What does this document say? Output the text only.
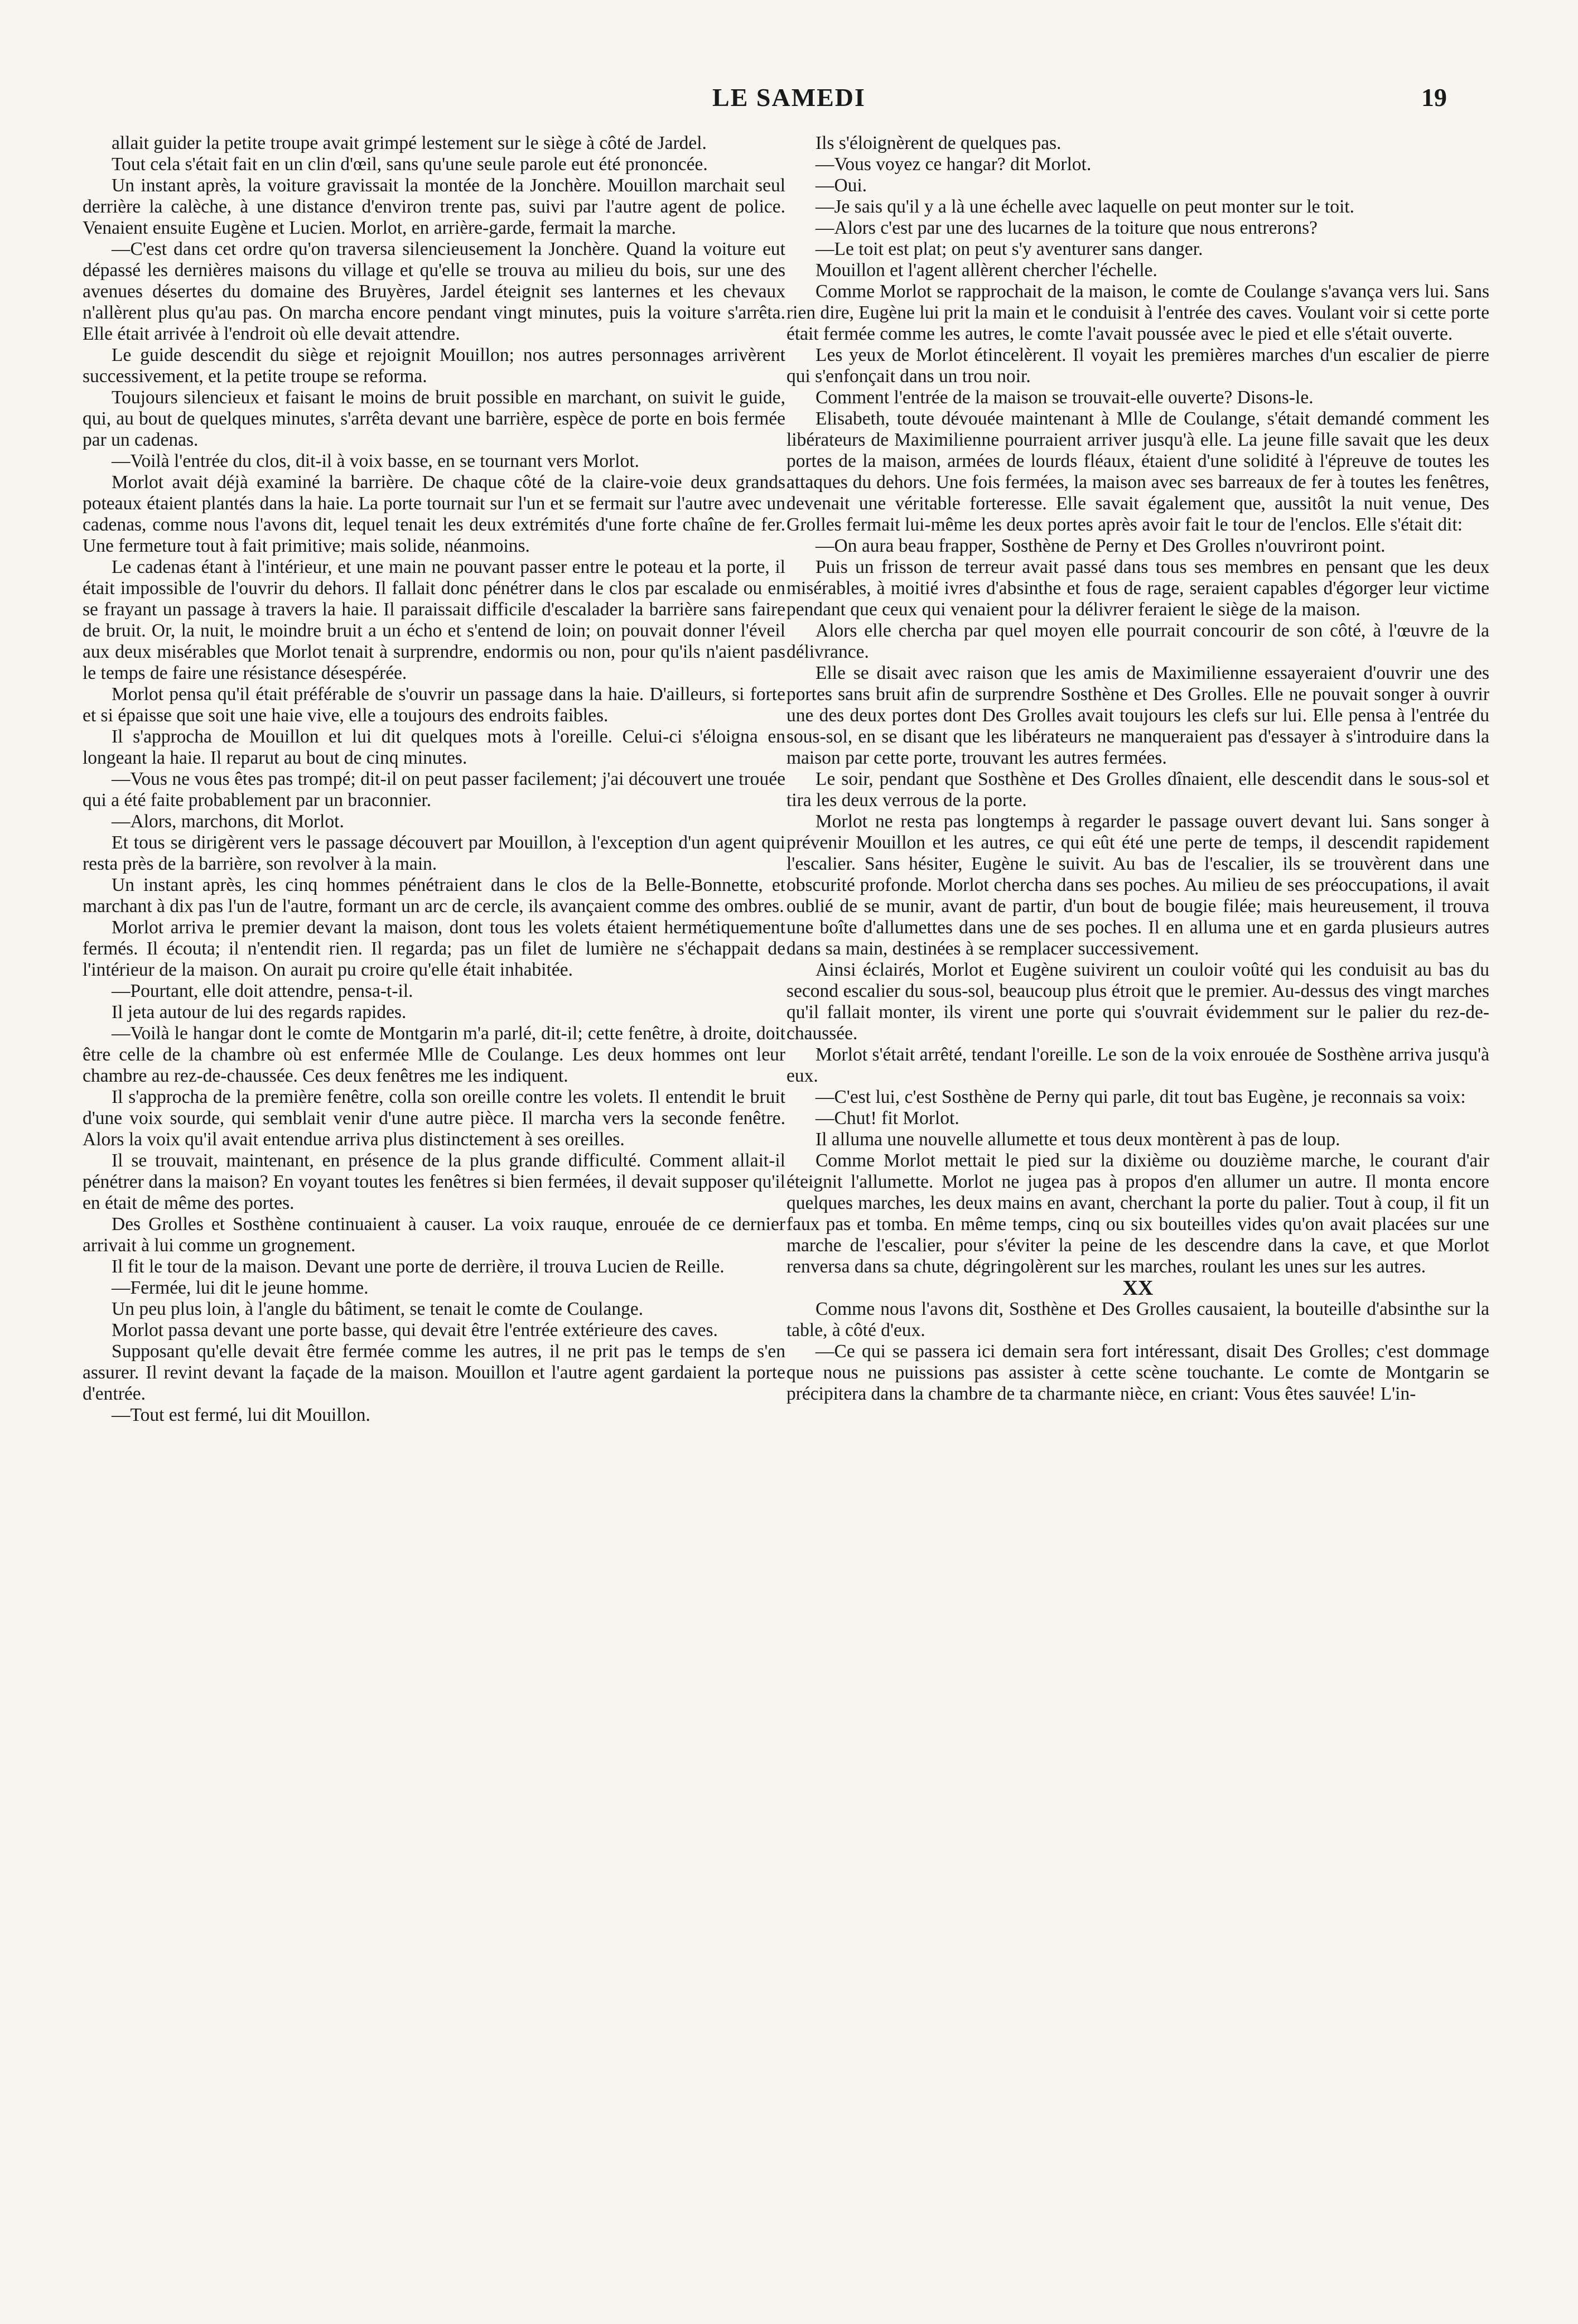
LE SAMEDI	19

allait guider la petite troupe avait grimpé lestement sur le siège à côté de Jardel.

Tout cela s'était fait en un clin d'œil, sans qu'une seule parole eut été prononcée.

Un instant après, la voiture gravissait la montée de la Jonchère. Mouillon marchait seul derrière la calèche, à une distance d'environ trente pas, suivi par l'autre agent de police. Venaient ensuite Eugène et Lucien. Morlot, en arrière-garde, fermait la marche.

—C'est dans cet ordre qu'on traversa silencieusement la Jonchère. Quand la voiture eut dépassé les dernières maisons du village et qu'elle se trouva au milieu du bois, sur une des avenues désertes du domaine des Bruyères, Jardel éteignit ses lanternes et les chevaux n'allèrent plus qu'au pas. On marcha encore pendant vingt minutes, puis la voiture s'arrêta. Elle était arrivée à l'endroit où elle devait attendre.

Le guide descendit du siège et rejoignit Mouillon; nos autres personnages arrivèrent successivement, et la petite troupe se reforma.

Toujours silencieux et faisant le moins de bruit possible en marchant, on suivit le guide, qui, au bout de quelques minutes, s'arrêta devant une barrière, espèce de porte en bois fermée par un cadenas.

—Voilà l'entrée du clos, dit-il à voix basse, en se tournant vers Morlot.

Morlot avait déjà examiné la barrière. De chaque côté de la claire-voie deux grands poteaux étaient plantés dans la haie. La porte tournait sur l'un et se fermait sur l'autre avec un cadenas, comme nous l'avons dit, lequel tenait les deux extrémités d'une forte chaîne de fer. Une fermeture tout à fait primitive; mais solide, néanmoins.

Le cadenas étant à l'intérieur, et une main ne pouvant passer entre le poteau et la porte, il était impossible de l'ouvrir du dehors. Il fallait donc pénétrer dans le clos par escalade ou en se frayant un passage à travers la haie. Il paraissait difficile d'escalader la barrière sans faire de bruit. Or, la nuit, le moindre bruit a un écho et s'entend de loin; on pouvait donner l'éveil aux deux misérables que Morlot tenait à surprendre, endormis ou non, pour qu'ils n'aient pas le temps de faire une résistance désespérée.

Morlot pensa qu'il était préférable de s'ouvrir un passage dans la haie. D'ailleurs, si forte et si épaisse que soit une haie vive, elle a toujours des endroits faibles.

Il s'approcha de Mouillon et lui dit quelques mots à l'oreille. Celui-ci s'éloigna en longeant la haie. Il reparut au bout de cinq minutes.

—Vous ne vous êtes pas trompé; dit-il on peut passer facilement; j'ai découvert une trouée qui a été faite probablement par un braconnier.

—Alors, marchons, dit Morlot.

Et tous se dirigèrent vers le passage découvert par Mouillon, à l'exception d'un agent qui resta près de la barrière, son revolver à la main.

Un instant après, les cinq hommes pénétraient dans le clos de la Belle-Bonnette, et marchant à dix pas l'un de l'autre, formant un arc de cercle, ils avançaient comme des ombres.

Morlot arriva le premier devant la maison, dont tous les volets étaient hermétiquement fermés. Il écouta; il n'entendit rien. Il regarda; pas un filet de lumière ne s'échappait de l'intérieur de la maison. On aurait pu croire qu'elle était inhabitée.

—Pourtant, elle doit attendre, pensa-t-il.

Il jeta autour de lui des regards rapides.

—Voilà le hangar dont le comte de Montgarin m'a parlé, dit-il; cette fenêtre, à droite, doit être celle de la chambre où est enfermée Mlle de Coulange. Les deux hommes ont leur chambre au rez-de-chaussée. Ces deux fenêtres me les indiquent.

Il s'approcha de la première fenêtre, colla son oreille contre les volets. Il entendit le bruit d'une voix sourde, qui semblait venir d'une autre pièce. Il marcha vers la seconde fenêtre. Alors la voix qu'il avait entendue arriva plus distinctement à ses oreilles.

Il se trouvait, maintenant, en présence de la plus grande difficulté. Comment allait-il pénétrer dans la maison? En voyant toutes les fenêtres si bien fermées, il devait supposer qu'il en était de même des portes.

Des Grolles et Sosthène continuaient à causer. La voix rauque, enrouée de ce dernier arrivait à lui comme un grognement.

Il fit le tour de la maison. Devant une porte de derrière, il trouva Lucien de Reille.

—Fermée, lui dit le jeune homme.

Un peu plus loin, à l'angle du bâtiment, se tenait le comte de Coulange.

Morlot passa devant une porte basse, qui devait être l'entrée extérieure des caves.

Supposant qu'elle devait être fermée comme les autres, il ne prit pas le temps de s'en assurer. Il revint devant la façade de la maison. Mouillon et l'autre agent gardaient la porte d'entrée.

—Tout est fermé, lui dit Mouillon.

Ils s'éloignèrent de quelques pas.

—Vous voyez ce hangar? dit Morlot.

—Oui.

—Je sais qu'il y a là une échelle avec laquelle on peut monter sur le toit.

—Alors c'est par une des lucarnes de la toiture que nous entrerons?

—Le toit est plat; on peut s'y aventurer sans danger.

Mouillon et l'agent allèrent chercher l'échelle.

Comme Morlot se rapprochait de la maison, le comte de Coulange s'avança vers lui. Sans rien dire, Eugène lui prit la main et le conduisit à l'entrée des caves. Voulant voir si cette porte était fermée comme les autres, le comte l'avait poussée avec le pied et elle s'était ouverte.

Les yeux de Morlot étincelèrent. Il voyait les premières marches d'un escalier de pierre qui s'enfonçait dans un trou noir.

Comment l'entrée de la maison se trouvait-elle ouverte? Disons-le.

Elisabeth, toute dévouée maintenant à Mlle de Coulange, s'était demandé comment les libérateurs de Maximilienne pourraient arriver jusqu'à elle. La jeune fille savait que les deux portes de la maison, armées de lourds fléaux, étaient d'une solidité à l'épreuve de toutes les attaques du dehors. Une fois fermées, la maison avec ses barreaux de fer à toutes les fenêtres, devenait une véritable forteresse. Elle savait également que, aussitôt la nuit venue, Des Grolles fermait lui-même les deux portes après avoir fait le tour de l'enclos. Elle s'était dit:

—On aura beau frapper, Sosthène de Perny et Des Grolles n'ouvriront point.

Puis un frisson de terreur avait passé dans tous ses membres en pensant que les deux misérables, à moitié ivres d'absinthe et fous de rage, seraient capables d'égorger leur victime pendant que ceux qui venaient pour la délivrer feraient le siège de la maison.

Alors elle chercha par quel moyen elle pourrait concourir de son côté, à l'œuvre de la délivrance.

Elle se disait avec raison que les amis de Maximilienne essayeraient d'ouvrir une des portes sans bruit afin de surprendre Sosthène et Des Grolles. Elle ne pouvait songer à ouvrir une des deux portes dont Des Grolles avait toujours les clefs sur lui. Elle pensa à l'entrée du sous-sol, en se disant que les libérateurs ne manqueraient pas d'essayer à s'introduire dans la maison par cette porte, trouvant les autres fermées.

Le soir, pendant que Sosthène et Des Grolles dînaient, elle descendit dans le sous-sol et tira les deux verrous de la porte.

Morlot ne resta pas longtemps à regarder le passage ouvert devant lui. Sans songer à prévenir Mouillon et les autres, ce qui eût été une perte de temps, il descendit rapidement l'escalier. Sans hésiter, Eugène le suivit. Au bas de l'escalier, ils se trouvèrent dans une obscurité profonde. Morlot chercha dans ses poches. Au milieu de ses préoccupations, il avait oublié de se munir, avant de partir, d'un bout de bougie filée; mais heureusement, il trouva une boîte d'allumettes dans une de ses poches. Il en alluma une et en garda plusieurs autres dans sa main, destinées à se remplacer successivement.

Ainsi éclairés, Morlot et Eugène suivirent un couloir voûté qui les conduisit au bas du second escalier du sous-sol, beaucoup plus étroit que le premier. Au-dessus des vingt marches qu'il fallait monter, ils virent une porte qui s'ouvrait évidemment sur le palier du rez-de-chaussée.

Morlot s'était arrêté, tendant l'oreille. Le son de la voix enrouée de Sosthène arriva jusqu'à eux.

—C'est lui, c'est Sosthène de Perny qui parle, dit tout bas Eugène, je reconnais sa voix:

—Chut! fit Morlot.

Il alluma une nouvelle allumette et tous deux montèrent à pas de loup.

Comme Morlot mettait le pied sur la dixième ou douzième marche, le courant d'air éteignit l'allumette. Morlot ne jugea pas à propos d'en allumer un autre. Il monta encore quelques marches, les deux mains en avant, cherchant la porte du palier. Tout à coup, il fit un faux pas et tomba. En même temps, cinq ou six bouteilles vides qu'on avait placées sur une marche de l'escalier, pour s'éviter la peine de les descendre dans la cave, et que Morlot renversa dans sa chute, dégringolèrent sur les marches, roulant les unes sur les autres.

XX

Comme nous l'avons dit, Sosthène et Des Grolles causaient, la bouteille d'absinthe sur la table, à côté d'eux.

—Ce qui se passera ici demain sera fort intéressant, disait Des Grolles; c'est dommage que nous ne puissions pas assister à cette scène touchante. Le comte de Montgarin se précipitera dans la chambre de ta charmante nièce, en criant: Vous êtes sauvée! L'in-
